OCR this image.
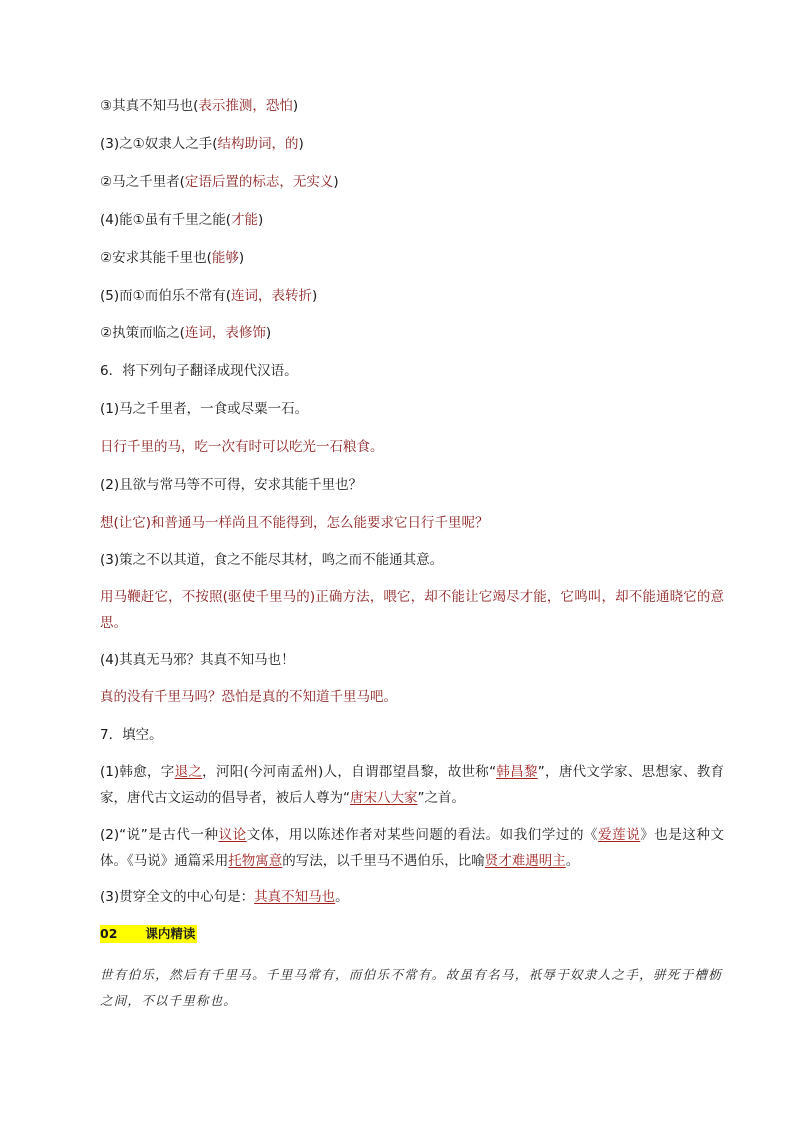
③其真不知马也(表示推测，恐怕)
(3)之①奴隶人之手(结构助词，的)
②马之千里者(定语后置的标志，无实义)
(4)能①虽有千里之能(才能)
②安求其能千里也(能够)
(5)而①而伯乐不常有(连词，表转折)
②执策而临之(连词，表修饰)
6．将下列句子翻译成现代汉语。
(1)马之千里者，一食或尽粟一石。
日行千里的马，吃一次有时可以吃光一石粮食。
(2)且欲与常马等不可得，安求其能千里也？
想(让它)和普通马一样尚且不能得到，怎么能要求它日行千里呢？
(3)策之不以其道，食之不能尽其材，鸣之而不能通其意。
用马鞭赶它，不按照(驱使千里马的)正确方法，喂它，却不能让它竭尽才能，它鸣叫，却不能通晓它的意思。
(4)其真无马邪？其真不知马也！
真的没有千里马吗？恐怕是真的不知道千里马吧。
7．填空。
(1)韩愈，字退之，河阳(今河南孟州)人，自谓郡望昌黎，故世称“韩昌黎”，唐代文学家、思想家、教育家，唐代古文运动的倡导者，被后人尊为“唐宋八大家”之首。
(2)“说”是古代一种议论文体，用以陈述作者对某些问题的看法。如我们学过的《爱莲说》也是这种文体。《马说》通篇采用托物寓意的写法，以千里马不遇伯乐，比喻贤才难遇明主。
(3)贯穿全文的中心句是：其真不知马也。
02 课内精读
世有伯乐，然后有千里马。千里马常有，而伯乐不常有。故虽有名马，祇辱于奴隶人之手，骈死于槽枥之间，不以千里称也。
